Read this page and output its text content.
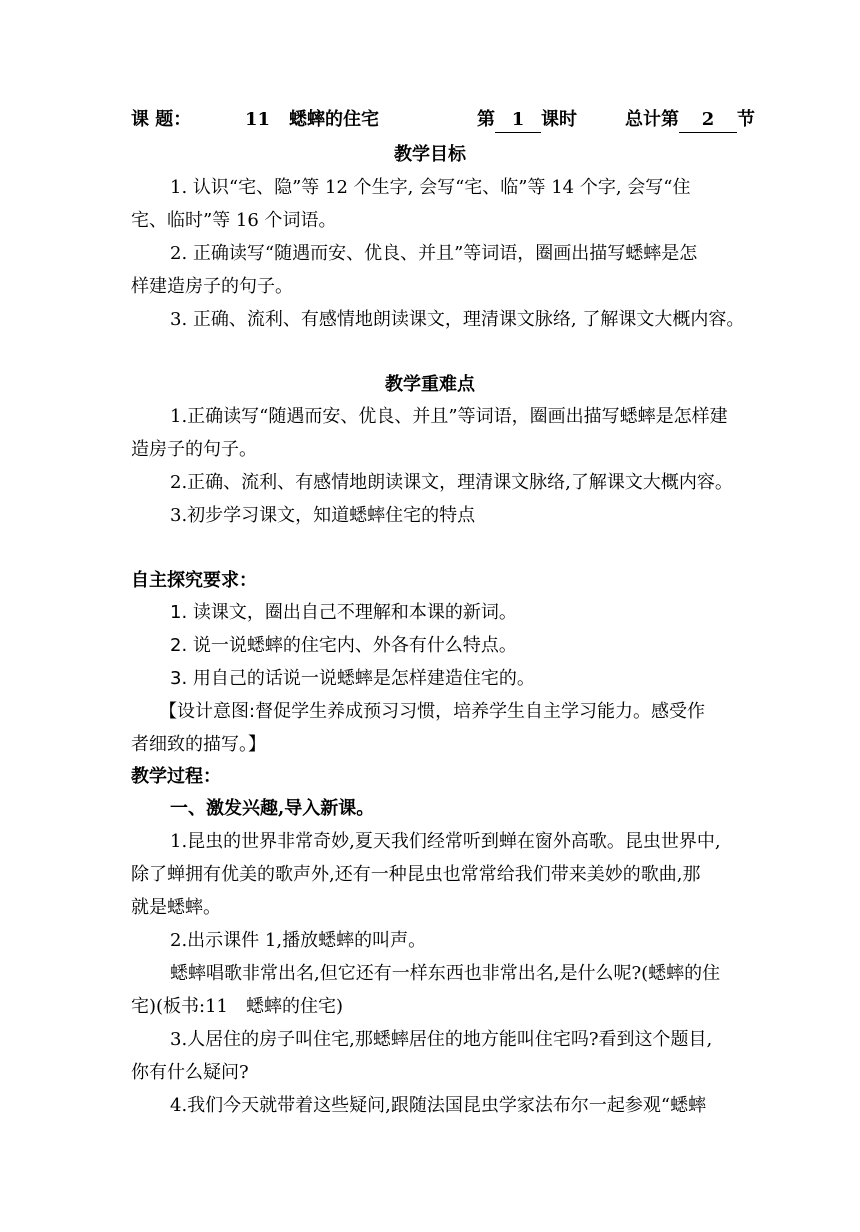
课 题：	11 蟋蟀的住宅	第 1 课时	总计第 2 节
教学目标
1. 认识“宅、隐”等 12 个生字, 会写“宅、临”等 14 个字, 会写“住
宅、临时”等 16 个词语。
2. 正确读写“随遇而安、优良、并且”等词语，圈画出描写蟋蟀是怎
样建造房子的句子。
3. 正确、流利、有感情地朗读课文，理清课文脉络, 了解课文大概内容。
教学重难点
1.正确读写“随遇而安、优良、并且”等词语，圈画出描写蟋蟀是怎样建
造房子的句子。
2.正确、流利、有感情地朗读课文，理清课文脉络,了解课文大概内容。
3.初步学习课文，知道蟋蟀住宅的特点
自主探究要求：
1. 读课文，圈出自己不理解和本课的新词。
2. 说一说蟋蟀的住宅内、外各有什么特点。
3. 用自己的话说一说蟋蟀是怎样建造住宅的。
【设计意图:督促学生养成预习习惯，培养学生自主学习能力。感受作
者细致的描写。】
教学过程：
一、激发兴趣,导入新课。
1.昆虫的世界非常奇妙,夏天我们经常听到蝉在窗外高歌。昆虫世界中,
除了蝉拥有优美的歌声外,还有一种昆虫也常常给我们带来美妙的歌曲,那
就是蟋蟀。
2.出示课件 1,播放蟋蟀的叫声。
蟋蟀唱歌非常出名,但它还有一样东西也非常出名,是什么呢?(蟋蟀的住
宅)(板书:11　蟋蟀的住宅)
3.人居住的房子叫住宅,那蟋蟀居住的地方能叫住宅吗?看到这个题目,
你有什么疑问?
4.我们今天就带着这些疑问,跟随法国昆虫学家法布尔一起参观“蟋蟀
